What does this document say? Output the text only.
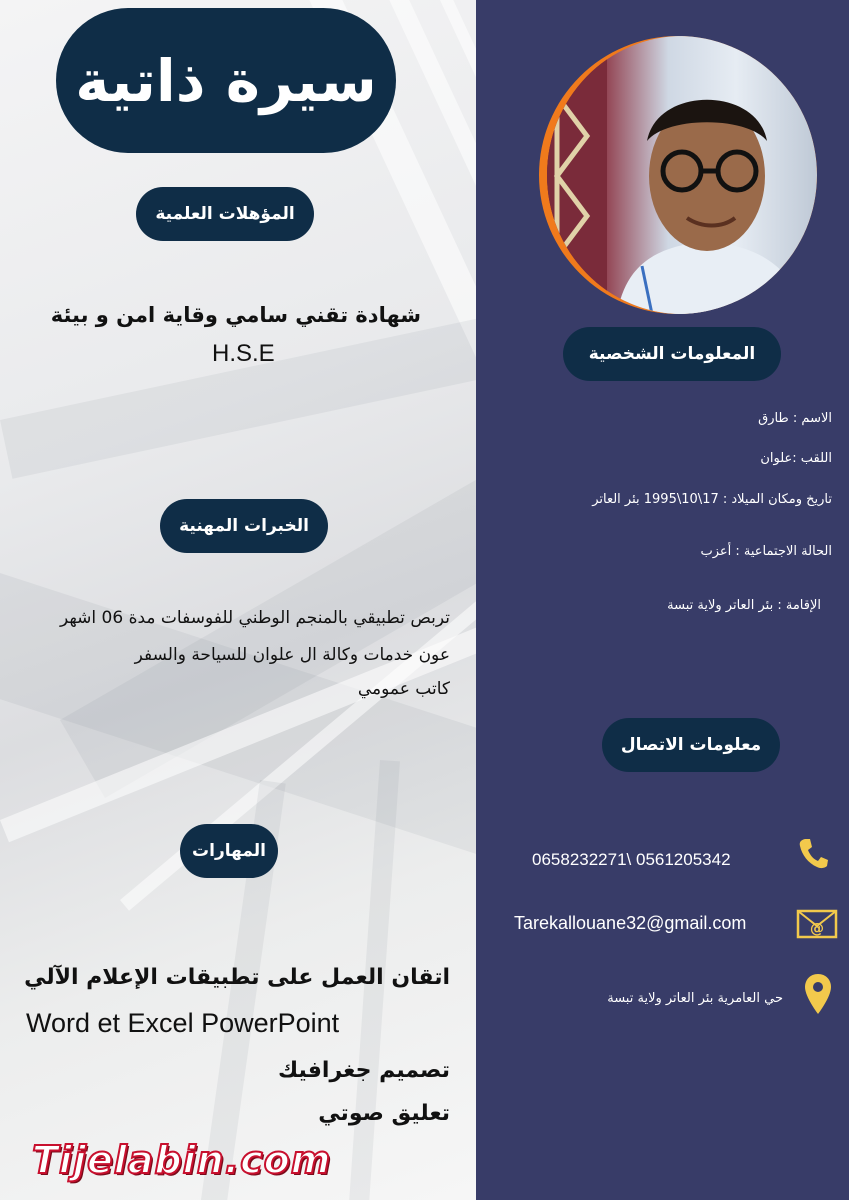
سيرة ذاتية
المؤهلات العلمية
شهادة تقني سامي وقاية امن و بيئة
H.S.E
الخبرات المهنية
تربص تطبيقي بالمنجم الوطني للفوسفات مدة 06 اشهر
عون خدمات وكالة ال علوان للسياحة والسفر
كاتب عمومي
المهارات
اتقان العمل على تطبيقات الإعلام الآلي
Word et Excel PowerPoint
تصميم جغرافيك
تعليق صوتي
المعلومات الشخصية
الاسم : طارق
اللقب :علوان
تاريخ ومكان الميلاد : 17\10\1995 بئر العاتر
الحالة الاجتماعية : أعزب
الإقامة : بئر العاتر ولاية تبسة
معلومات الاتصال
0658232271\ 0561205342
@
Tarekallouane32@gmail.com
حي العامرية بئر العاتر ولاية تبسة
Tijelabin.com
